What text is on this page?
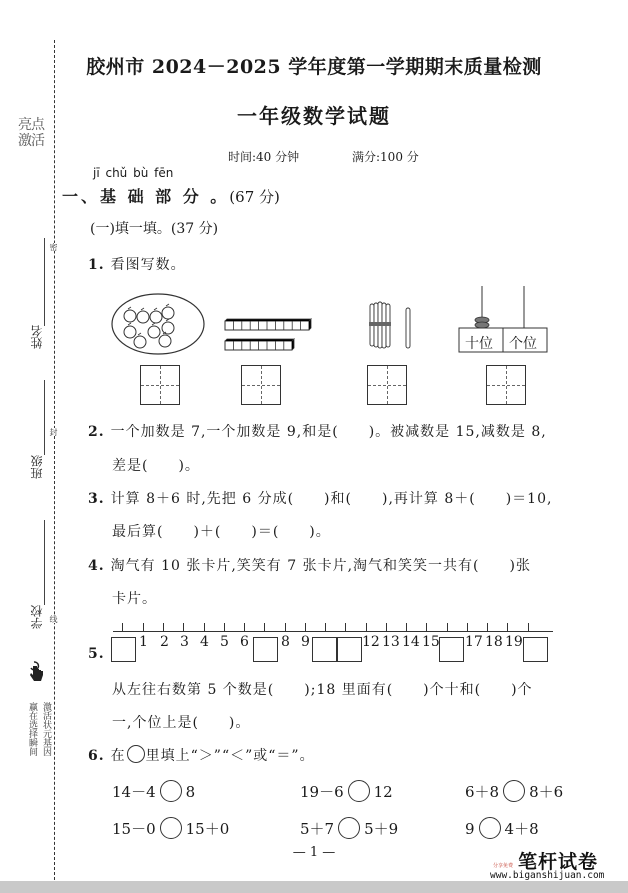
亮点
激活
姓名
班级
学校
密
封
线
激活状元基因
赢在选择瞬间
胶州市 2024－2025 学年度第一学期期末质量检测
一年级数学试题
时间:40 分钟	满分:100 分
jī chǔ bù fēn
一、基 础 部 分 。(67 分)
(一)填一填。(37 分)
1. 看图写数。
十位 个位
2. 一个加数是 7,一个加数是 9,和是(　　)。被减数是 15,减数是 8,
差是(　　)。
3. 计算 8＋6 时,先把 6 分成(　　)和(　　),再计算 8＋(　　)＝10,
最后算(　　)＋(　　)＝(　　)。
4. 淘气有 10 张卡片,笑笑有 7 张卡片,淘气和笑笑一共有(　　)张
卡片。
5.
1 2 3 4 5 6 8 9	12 13 14 15 17 18 19
从左往右数第 5 个数是(　　);18 里面有(　　)个十和(　　)个
一,个位上是(　　)。
6. 在 里填上“＞”“＜”或“＝”。
14－4 8	19－6 12	6＋8 8＋6
15－0 15＋0	5＋7 5＋9	9 4＋8
— 1 —
分享免费 笔杆试卷
www.biganshijuan.com
